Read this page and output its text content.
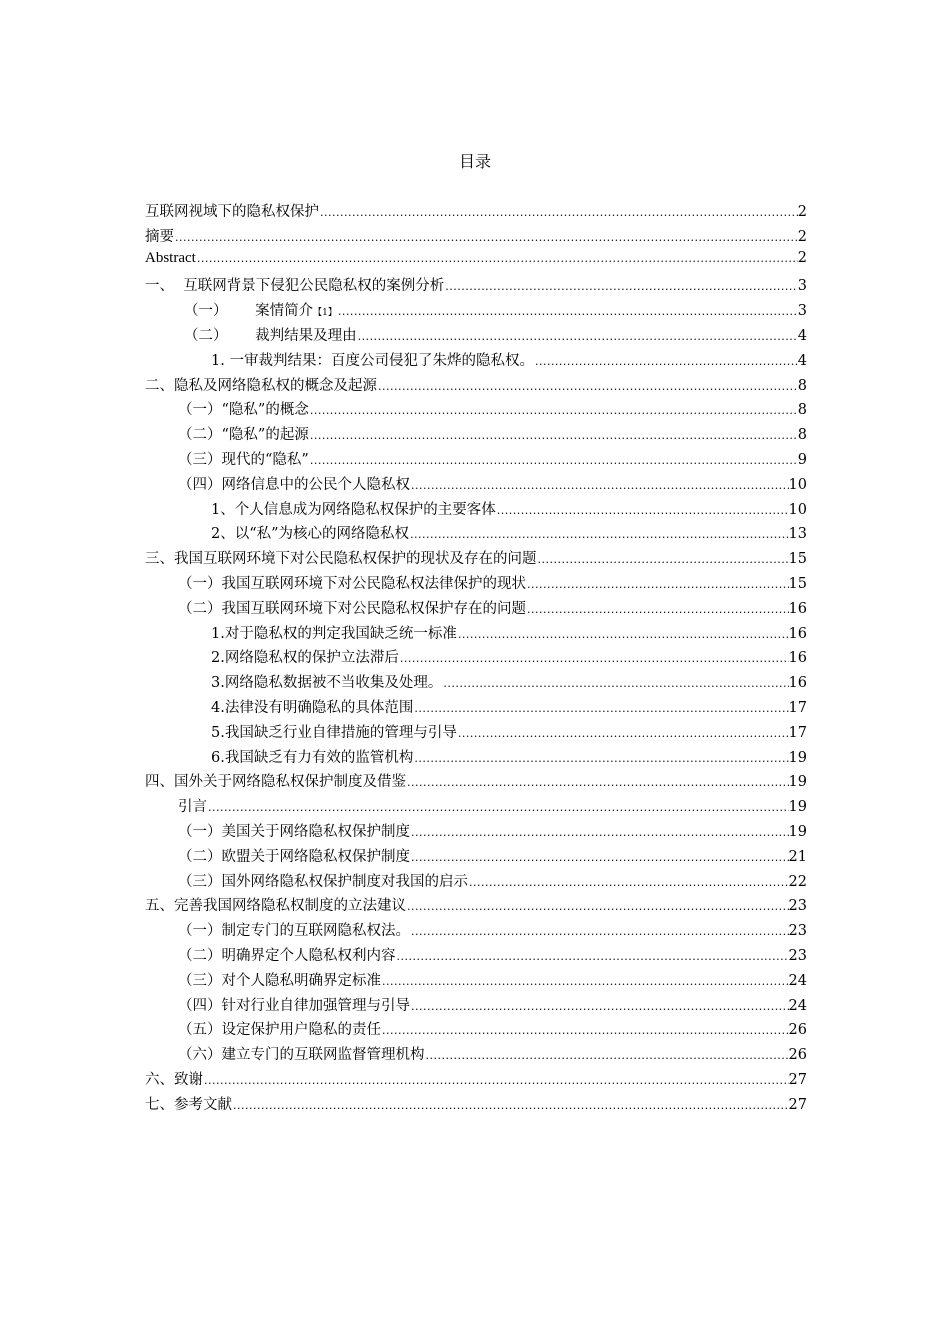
目录
互联网视域下的隐私权保护 .....	2
摘要 .....	2
Abstract .....	2
一、  互联网背景下侵犯公民隐私权的案例分析 .....	3
（一）      案情简介 【1】 .....	3
（二）      裁判结果及理由 .....	4
1. 一审裁判结果：百度公司侵犯了朱烨的隐私权。 .....	4
二、隐私及网络隐私权的概念及起源 .....	8
（一）“隐私”的概念 .....	8
（二）“隐私”的起源 .....	8
（三）现代的“隐私” .....	9
（四）网络信息中的公民个人隐私权 .....	10
1、个人信息成为网络隐私权保护的主要客体 .....	10
2、以“私”为核心的网络隐私权 .....	13
三、我国互联网环境下对公民隐私权保护的现状及存在的问题 .....	15
（一）我国互联网环境下对公民隐私权法律保护的现状 .....	15
（二）我国互联网环境下对公民隐私权保护存在的问题 .....	16
1.对于隐私权的判定我国缺乏统一标准 .....	16
2.网络隐私权的保护立法滞后 .....	16
3.网络隐私数据被不当收集及处理。 .....	16
4.法律没有明确隐私的具体范围 .....	17
5.我国缺乏行业自律措施的管理与引导 .....	17
6.我国缺乏有力有效的监管机构 .....	19
四、国外关于网络隐私权保护制度及借鉴 .....	19
引言 .....	19
（一）美国关于网络隐私权保护制度 .....	19
（二）欧盟关于网络隐私权保护制度 .....	21
（三）国外网络隐私权保护制度对我国的启示 .....	22
五、完善我国网络隐私权制度的立法建议 .....	23
（一）制定专门的互联网隐私权法。 .....	23
（二）明确界定个人隐私权利内容 .....	23
（三）对个人隐私明确界定标准 .....	24
（四）针对行业自律加强管理与引导 .....	24
（五）设定保护用户隐私的责任 .....	26
（六）建立专门的互联网监督管理机构 .....	26
六、致谢 .....	27
七、参考文献 .....	27
